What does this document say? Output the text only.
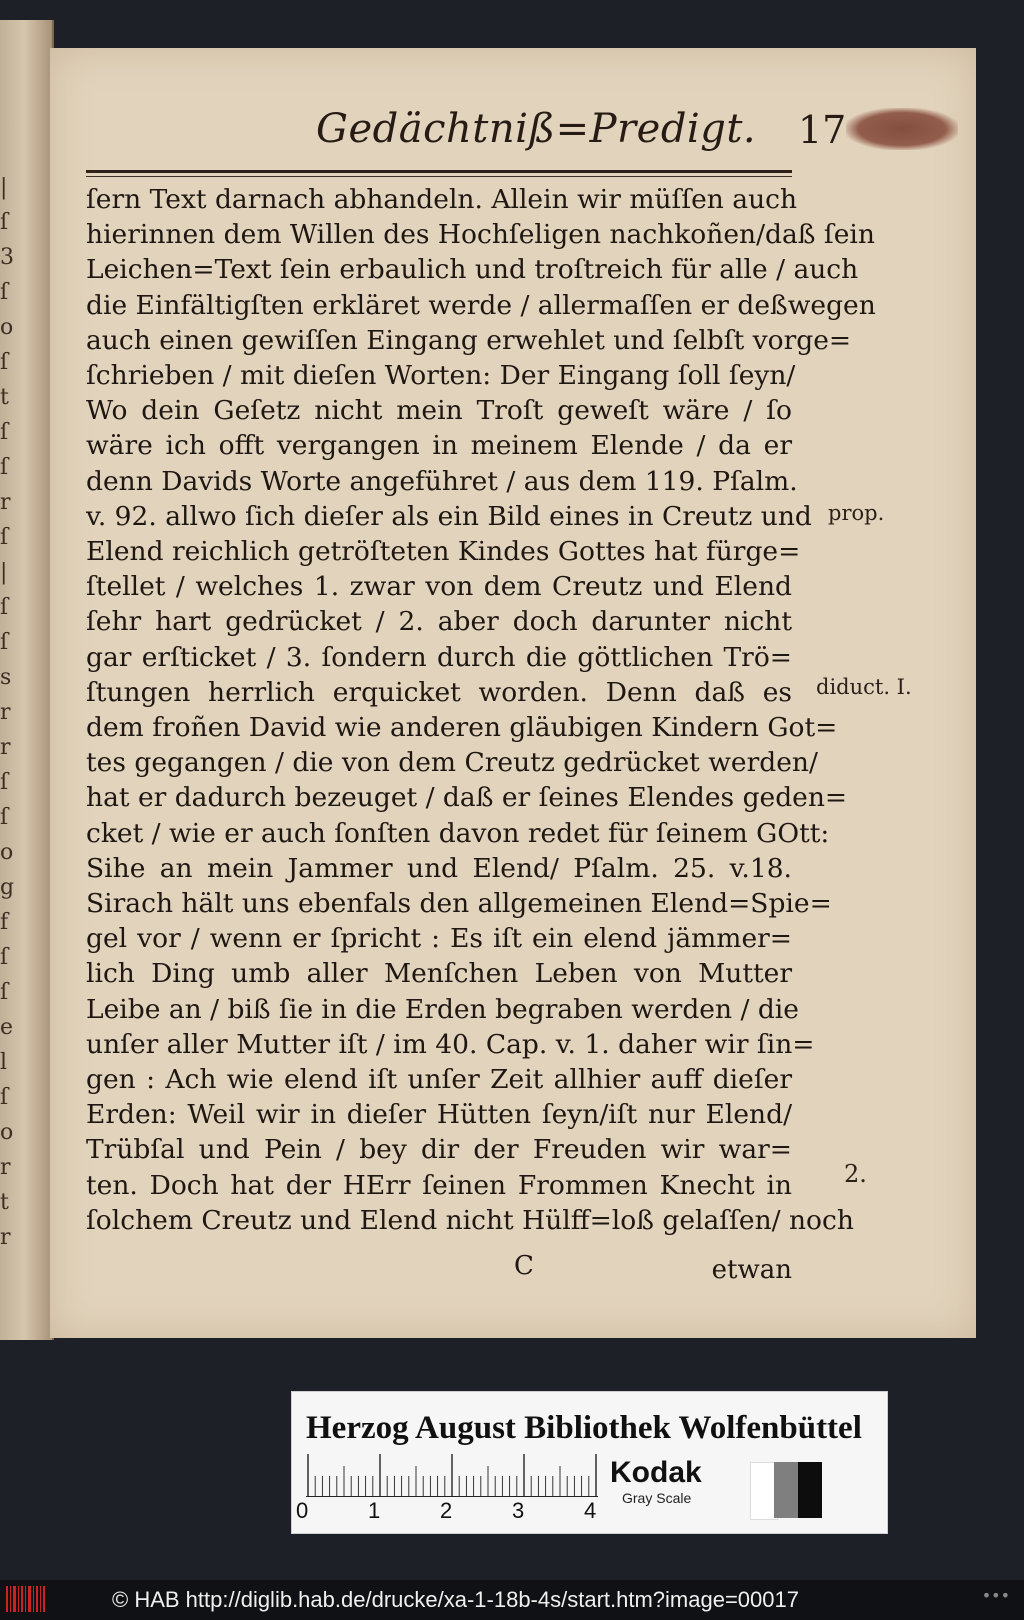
|
ſ
3
ſ
o
ſ
t
ſ
ſ
r
ſ
|
ſ
ſ
s
r
r
ſ
ſ
o
g
f
ſ
ſ
e
l
ſ
o
r
t
r
Gedächtniß=Predigt. 17
ſern Text darnach abhandeln. Allein wir müſſen auch
hierinnen dem Willen des Hochſeligen nachkoñen/daß ſein
Leichen=Text ſein erbaulich und troſtreich für alle / auch
die Einfältigſten erkläret werde / allermaſſen er deßwegen
auch einen gewiſſen Eingang erwehlet und ſelbſt vorge=
ſchrieben / mit dieſen Worten: Der Eingang ſoll ſeyn/
Wo dein Geſetz nicht mein Troſt geweſt wäre / ſo
wäre ich offt vergangen in meinem Elende / da er
denn Davids Worte angeführet / aus dem 119. Pſalm.
v. 92. allwo ſich dieſer als ein Bild eines in Creutz und
Elend reichlich getröſteten Kindes Gottes hat fürge=
ſtellet / welches 1. zwar von dem Creutz und Elend
ſehr hart gedrücket / 2. aber doch darunter nicht
gar erſticket / 3. ſondern durch die göttlichen Trö=
ſtungen herrlich erquicket worden. Denn daß es
dem froñen David wie anderen gläubigen Kindern Got=
tes gegangen / die von dem Creutz gedrücket werden/
hat er dadurch bezeuget / daß er ſeines Elendes geden=
cket / wie er auch ſonſten davon redet für ſeinem GOtt:
Sihe an mein Jammer und Elend/ Pſalm. 25. v.18.
Sirach hält uns ebenfals den allgemeinen Elend=Spie=
gel vor / wenn er ſpricht : Es iſt ein elend jämmer=
lich Ding umb aller Menſchen Leben von Mutter
Leibe an / biß ſie in die Erden begraben werden / die
unſer aller Mutter iſt / im 40. Cap. v. 1. daher wir ſin=
gen : Ach wie elend iſt unſer Zeit allhier auff dieſer
Erden: Weil wir in dieſer Hütten ſeyn/iſt nur Elend/
Trübſal und Pein / bey dir der Freuden wir war=
ten. Doch hat der HErr ſeinen Frommen Knecht in
ſolchem Creutz und Elend nicht Hülff=loß gelaſſen/ noch
C	etwan
prop.
diduct. I.
2.
Herzog August Bibliothek Wolfenbüttel
0	1	2	3	4
Kodak
Gray Scale
© HAB http://diglib.hab.de/drucke/xa-1-18b-4s/start.htm?image=00017	•••
